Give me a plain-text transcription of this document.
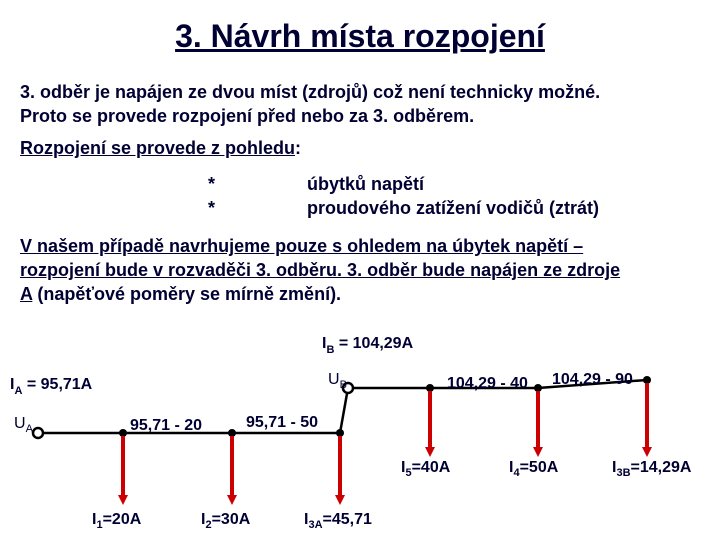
3. Návrh místa rozpojení
3. odběr je napájen ze dvou míst (zdrojů) což není technicky možné.
Proto se provede rozpojení před nebo za 3. odběrem.
Rozpojení se provede z pohledu:
*	úbytků napětí
*	proudového zatížení vodičů (ztrát)
V našem případě navrhujeme pouze s ohledem na úbytek napětí –
rozpojení bude v rozvaděči 3. odběru. 3. odběr bude napájen ze zdroje
A (napěťové poměry se mírně změní).
$I_B = 104,29A$
$I_A = 95,71A$
$U_A$
$U_B$
95,71 - 20	95,71 - 50
104,29 - 40 104,29 - 90
$I_1=20A$	$I_2=30A$	$I_{3A}=45,71$
$I_5=40A$	$I_4=50A$	$I_{3B}=14,29A$
